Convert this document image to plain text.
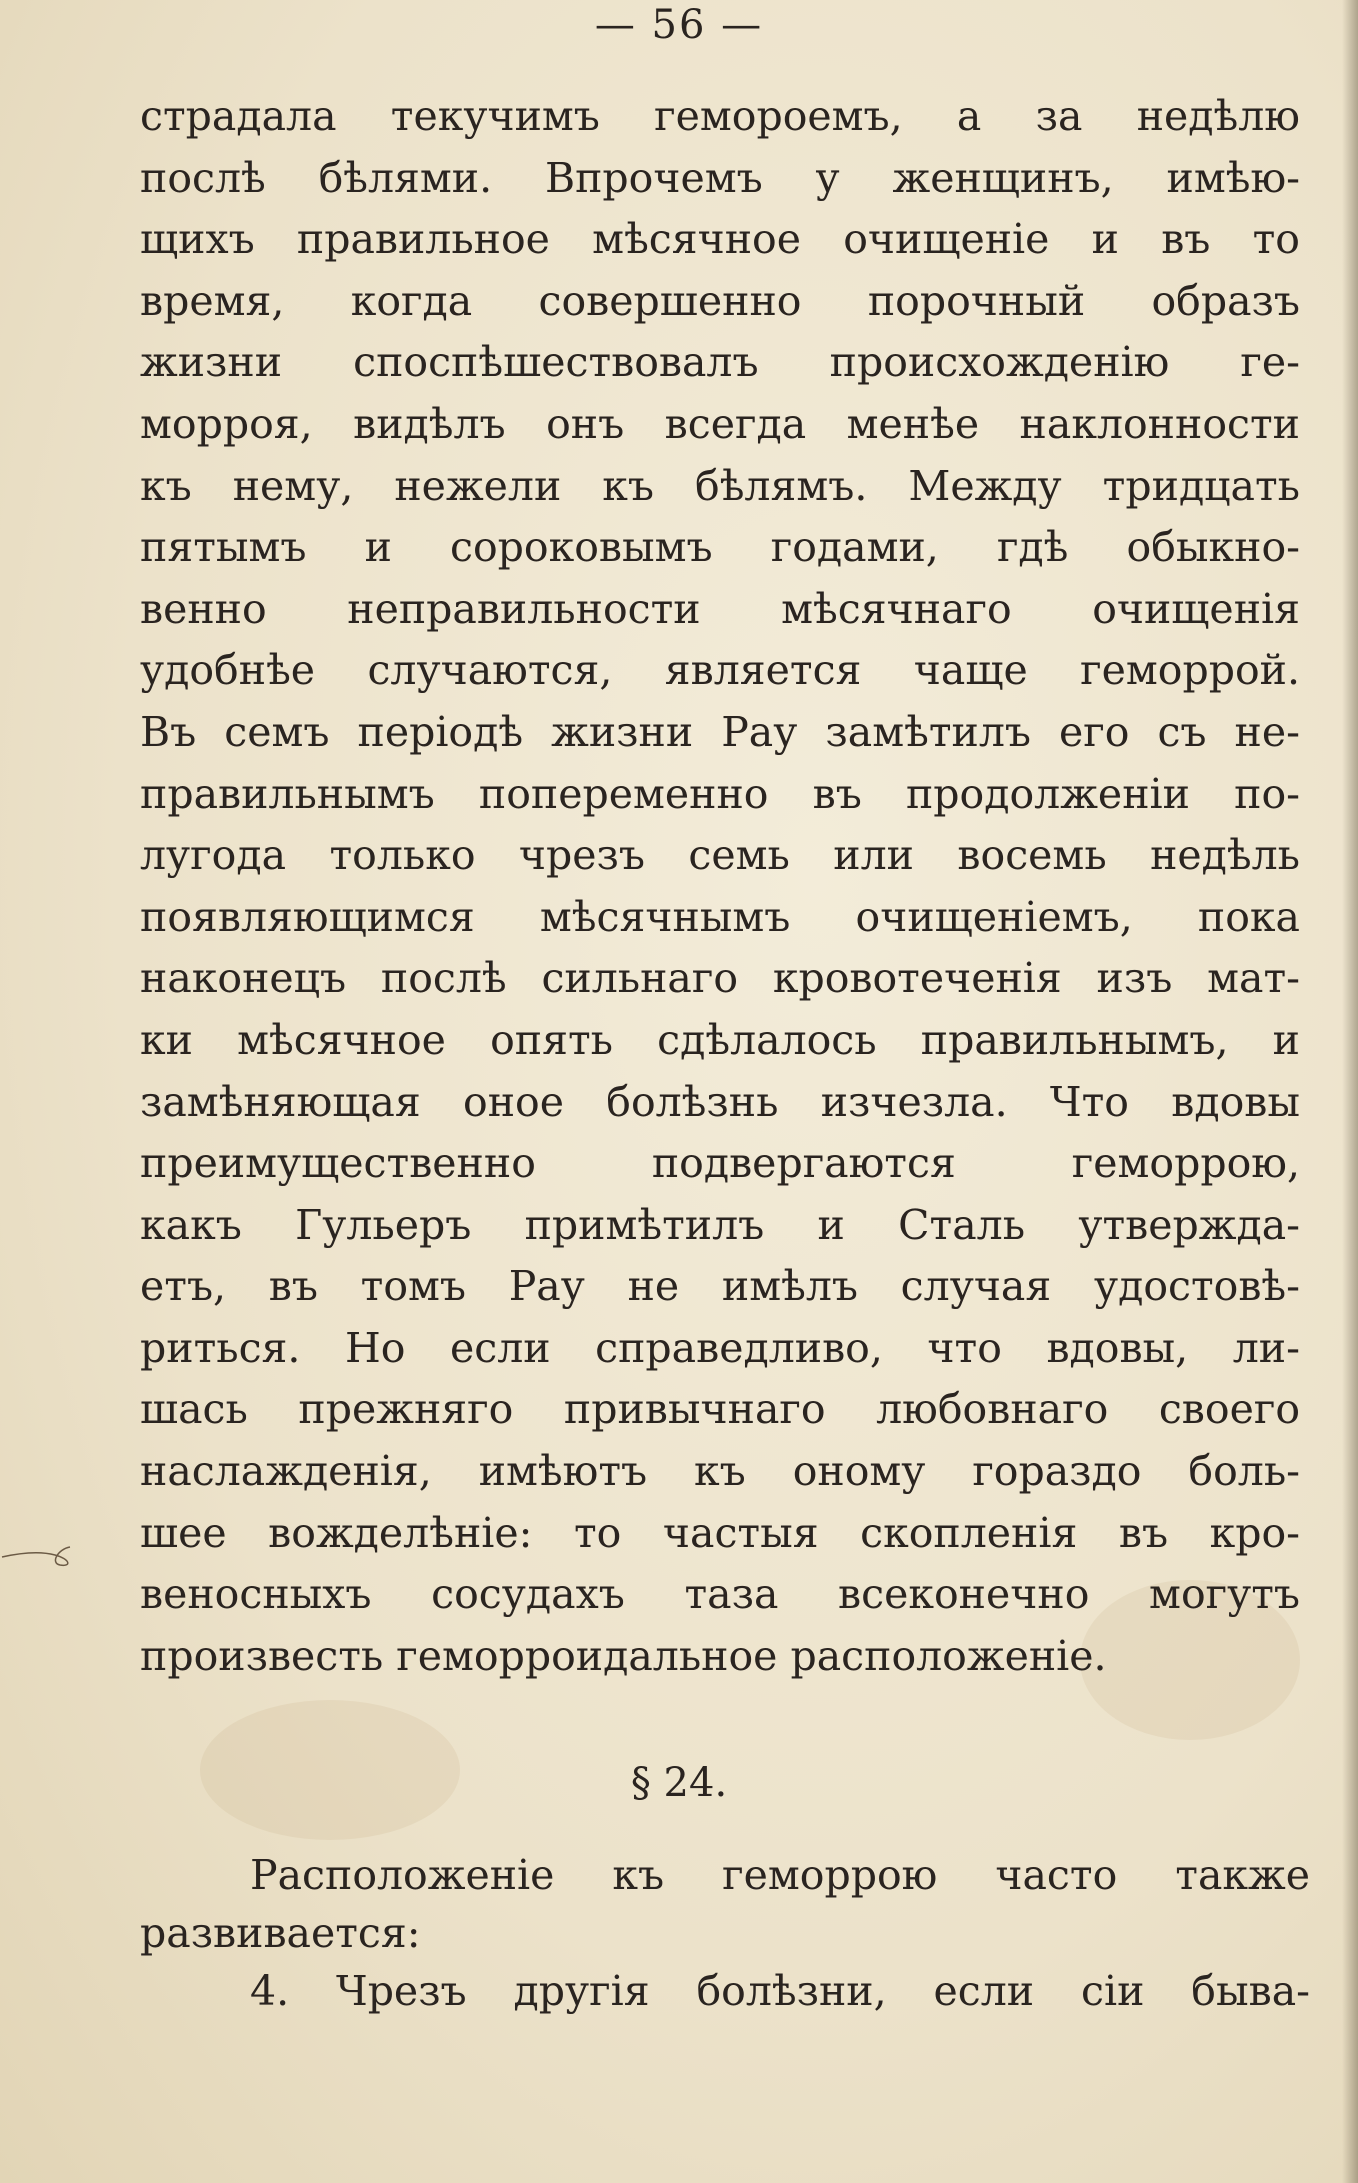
— 56 —
страдала текучимъ геморοемъ, а за недѣлю
послѣ бѣлями. Впрочемъ у женщинъ, имѣю-
щихъ правильное мѣсячное очищеніе и въ то
время, когда совершенно порочный образъ
жизни споспѣшествовалъ происхожденію ге-
морроя, видѣлъ онъ всегда менѣе наклонности
къ нему, нежели къ бѣлямъ. Между тридцать
пятымъ и сороковымъ годами, гдѣ обыкно-
венно неправильности мѣсячнаго очищенія
удобнѣе случаются, является чаще геморрой.
Въ семъ періодѣ жизни Рау замѣтилъ его съ не-
правильнымъ попеременно въ продолженіи по-
лугода только чрезъ семь или восемь недѣль
появляющимся мѣсячнымъ очищеніемъ, пока
наконецъ послѣ сильнаго кровотеченія изъ мат-
ки мѣсячное опять сдѣлалось правильнымъ, и
замѣняющая оное болѣзнь изчезла. Что вдовы
преимущественно подвергаются геморрою,
какъ Гульеръ примѣтилъ и Сталь утвержда-
етъ, въ томъ Рау не имѣлъ случая удостовѣ-
риться. Но если справедливо, что вдовы, ли-
шась прежняго привычнаго любовнаго своего
наслажденія, имѣютъ къ оному гораздо боль-
шее вожделѣніе: то частыя скопленія въ кро-
веносныхъ сосудахъ таза всеконечно могутъ
произвесть геморроидальное расположеніе.
§ 24.
Расположеніе къ геморрою часто также
развивается:
4. Чрезъ другія болѣзни, если сіи быва-
